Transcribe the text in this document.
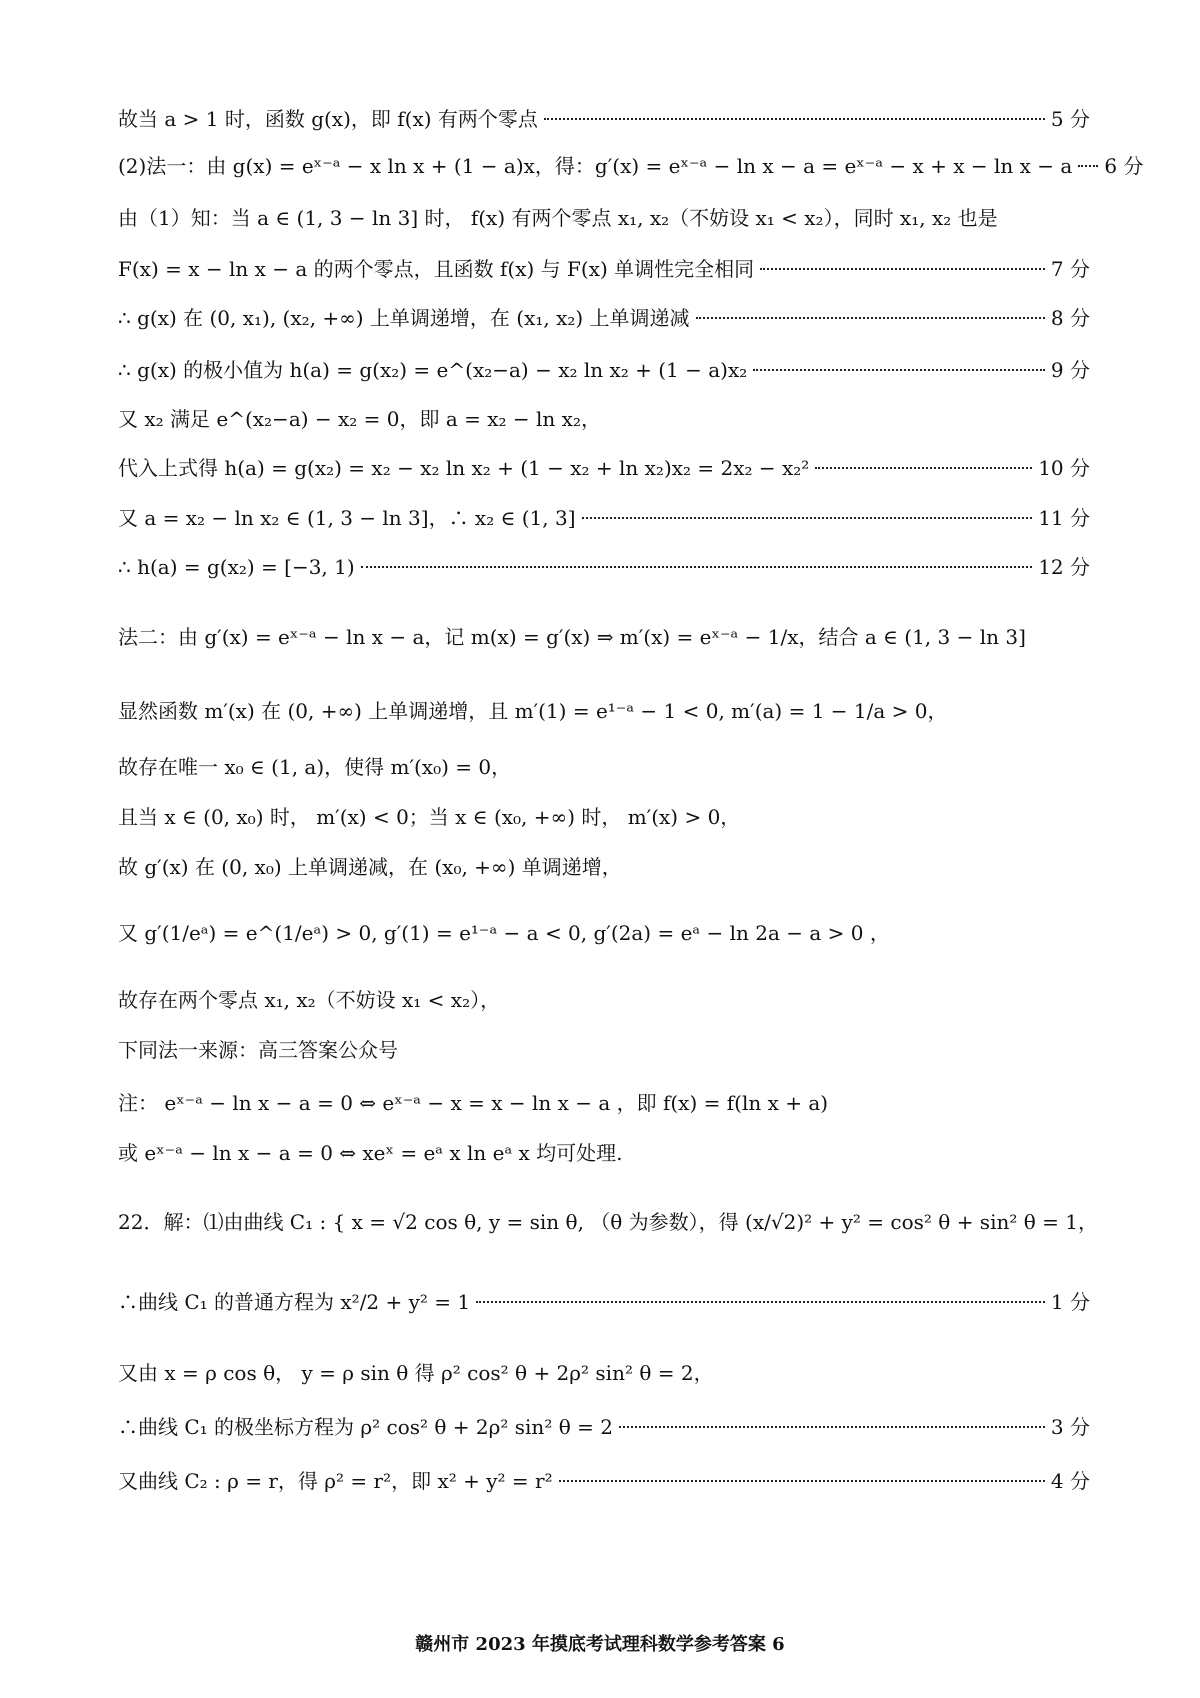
故当 a > 1 时，函数 g(x)，即 f(x) 有两个零点	5 分
(2)法一：由 g(x) = eˣ⁻ᵃ − x ln x + (1 − a)x，得：g′(x) = eˣ⁻ᵃ − ln x − a = eˣ⁻ᵃ − x + x − ln x − a 6 分
由（1）知：当 a ∈ (1, 3 − ln 3] 时， f(x) 有两个零点 x₁, x₂（不妨设 x₁ < x₂），同时 x₁, x₂ 也是
F(x) = x − ln x − a 的两个零点，且函数 f(x) 与 F(x) 单调性完全相同	7 分
∴ g(x) 在 (0, x₁), (x₂, +∞) 上单调递增，在 (x₁, x₂) 上单调递减	8 分
∴ g(x) 的极小值为 h(a) = g(x₂) = e^(x₂−a) − x₂ ln x₂ + (1 − a)x₂	9 分
又 x₂ 满足 e^(x₂−a) − x₂ = 0，即 a = x₂ − ln x₂，
代入上式得 h(a) = g(x₂) = x₂ − x₂ ln x₂ + (1 − x₂ + ln x₂)x₂ = 2x₂ − x₂²	10 分
又 a = x₂ − ln x₂ ∈ (1, 3 − ln 3]，∴ x₂ ∈ (1, 3]	11 分
∴ h(a) = g(x₂) = [−3, 1)	12 分
法二：由 g′(x) = eˣ⁻ᵃ − ln x − a，记 m(x) = g′(x) ⇒ m′(x) = eˣ⁻ᵃ − 1/x，结合 a ∈ (1, 3 − ln 3]
显然函数 m′(x) 在 (0, +∞) 上单调递增，且 m′(1) = e¹⁻ᵃ − 1 < 0, m′(a) = 1 − 1/a > 0，
故存在唯一 x₀ ∈ (1, a)，使得 m′(x₀) = 0，
且当 x ∈ (0, x₀) 时， m′(x) < 0；当 x ∈ (x₀, +∞) 时， m′(x) > 0，
故 g′(x) 在 (0, x₀) 上单调递减，在 (x₀, +∞) 单调递增，
又 g′(1/eᵃ) = e^(1/eᵃ) > 0, g′(1) = e¹⁻ᵃ − a < 0, g′(2a) = eᵃ − ln 2a − a > 0 ，
故存在两个零点 x₁, x₂（不妨设 x₁ < x₂），
下同法一来源：高三答案公众号
注： eˣ⁻ᵃ − ln x − a = 0 ⇔ eˣ⁻ᵃ − x = x − ln x − a ，即 f(x) = f(ln x + a)
或 eˣ⁻ᵃ − ln x − a = 0 ⇔ xeˣ = eᵃ x ln eᵃ x 均可处理.
22．解：⑴由曲线 C₁ : { x = √2 cos θ, y = sin θ, （θ 为参数），得 (x/√2)² + y² = cos² θ + sin² θ = 1，
∴曲线 C₁ 的普通方程为 x²/2 + y² = 1	1 分
又由 x = ρ cos θ， y = ρ sin θ 得 ρ² cos² θ + 2ρ² sin² θ = 2，
∴曲线 C₁ 的极坐标方程为 ρ² cos² θ + 2ρ² sin² θ = 2	3 分
又曲线 C₂ : ρ = r，得 ρ² = r²，即 x² + y² = r²	4 分
赣州市 2023 年摸底考试理科数学参考答案 6
